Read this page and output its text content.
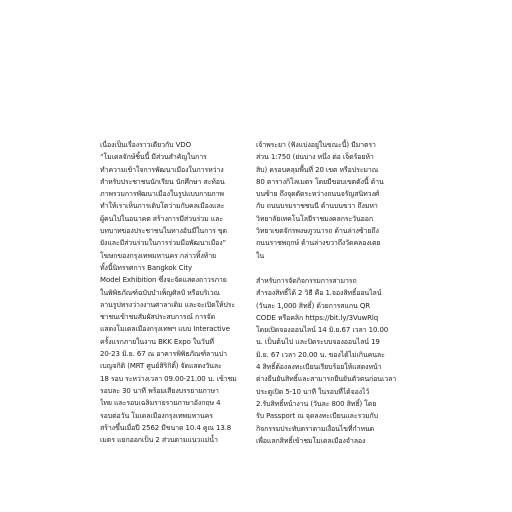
เนื่องเป็นเรื่องราวเดียวกับ VDO

“โมเดลจักษ์ชิ้นนี้ มีส่วนสำคัญในการ

ทำความเข้าใจการพัฒนาเมืองในการหว่าง

สำหรับประชาชนนักเรียน นักศึกษา สะท้อน

ภาพรวมการพัฒนาเมืองในรูปแบบกายภาพ

ทำให้เราเห็นการเติบโตว่ามกับคลเมืองและ

ผู้คนไปในอนาคต สร้างการมีส่วนร่วม และ

บทบาทของประชาชนในทางอันมีในการ ขุด

ยังและมีส่วนร่วมในการร่วมมือพัฒนาเมือง”

โฆษกของกรุงเทพมหานคร กล่าวทิ้งท้าย

ทั้งนี้นิทรรศการ Bangkok City

Model Exhibition ซึ่งจะจัดแสดงถาวรภาย

ในพิพิธภัณฑ์ฉบับบำเพ็ญศิลป์ หรือบริเวณ

ลานรูปทรงว่างงานศาลาเดิม และจะเปิดให้ประ

ชาชนเข้าชมสัมผัสประสบการณ์ การจัด

แสดงโมเดลเมืองกรุงเทพฯ แบบ Interactive

ครั้งแรกภายในงาน BKK Expo ในวันที่

20-23 มิ.ย. 67 ณ อาคารพิพิธภัณฑ์ลานปา

เบญจกิติ (MRT ศูนย์สิริกิติ์) จัดแสดงวันละ

18 รอบ ระหว่างเวลา 09.00-21.00 น. เข้าชม

รอบละ 30 นาที พร้อมเสียงบรรยายภาษา

ไทย และรอบเฉลิมรายรายภาษาอังกฤษ 4

รอบต่อวัน โมเดลเมืองกรุงเทพมหานคร

สร้างขึ้นเมื่อปี 2562 มีขนาด 10.4 คูณ 13.8

เมตร แยกออกเป็น 2 ส่วนตามแนวแม่น้ำ

เจ้าพระยา (ฟังแบ่งอยู่ในขณะนี้) มีมาตรา

ส่วน 1:750 (ย่นบาง หนึ่ง ต่อ เจ็ดร้อยห้า

สิบ) ครอบคลุมพื้นที่ 20 เขต หรือประมาณ

80 ตารางกิโลเมตร โดยมีขอบเขตดังนี้ ด้าน

บนซ้าย ถึงจุดตัดระหว่างถนนจรัญสนิทวงศ์

กับ ถนนบรมราชชนนี ด้านบนขวา ถึงมหา

วิทยาลัยเทคโนโลยีราชมงคลกระวันออก

วิทยาเขตจักรพงษภูวนารถ ด้านล่างซ้ายถึง

ถนนราชพฤกษ์ ด้านล่างขวาถึงวัดคลองเตย

ใน

สำหรับการจัดกิจกรรมการสามารถ

สำรองสิทธิ์ได้ 2 วิธี คือ 1.จองสิทธิ์ออนไลน์

(วันละ 1,000 สิทธิ์) ด้วยการสแกน QR

CODE หรือคลิก https://bit.ly/3VuwRlq

โดยเปิดจองออนไลน์ 14 มิ.ย.67 เวลา 10.00

น. เป็นต้นไป และปิดระบบจองออนไลน์ 19

มิ.ย. 67 เวลา 20.00 น. ของได้ไม่เกินคนละ

4 สิทธิ์ต้องลงทะเบียนเรียบร้อยให้แสดงหน้า

ต่างยืนยันสิทธิ์และสามารถยืนยันตัวตนก่อนเวลา

ประตูเปิด 5-10 นาที ในรอบที่ได้จองไว้

2.รับสิทธิ์หน้างาน (วันละ 800 สิทธิ์) โดย

รับ Passport ณ จุดลงทะเบียนและรวมกับ

กิจกรรมประทับตราตามเงื่อนไขที่กำหนด

เพื่อแลกสิทธิ์เข้าชมโมเดลเมืองจำลอง
